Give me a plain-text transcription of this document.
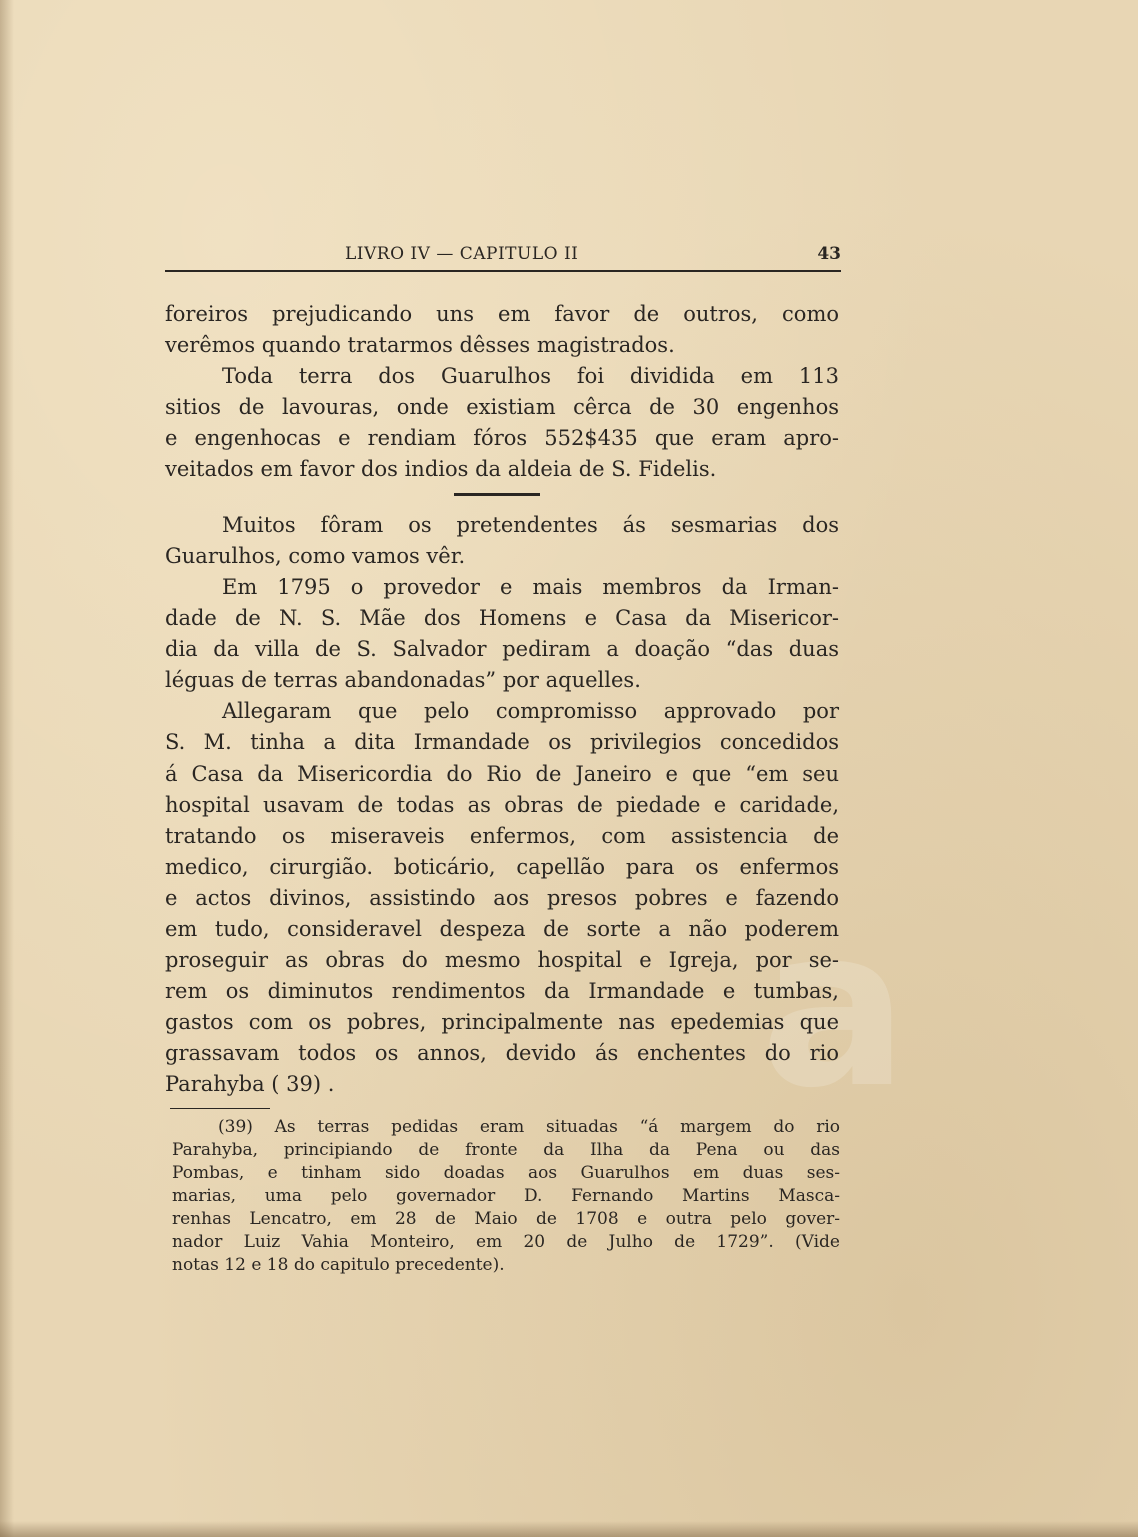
a
LIVRO IV — CAPITULO II	43
foreiros prejudicando uns em favor de outros, como
verêmos quando tratarmos dêsses magistrados.
Toda terra dos Guarulhos foi dividida em 113
sitios de lavouras, onde existiam cêrca de 30 engenhos
e engenhocas e rendiam fóros 552$435 que eram apro-
veitados em favor dos indios da aldeia de S. Fidelis.
Muitos fôram os pretendentes ás sesmarias dos
Guarulhos, como vamos vêr.
Em 1795 o provedor e mais membros da Irman-
dade de N. S. Mãe dos Homens e Casa da Misericor-
dia da villa de S. Salvador pediram a doação “das duas
léguas de terras abandonadas” por aquelles.
Allegaram que pelo compromisso approvado por
S. M. tinha a dita Irmandade os privilegios concedidos
á Casa da Misericordia do Rio de Janeiro e que “em seu
hospital usavam de todas as obras de piedade e caridade,
tratando os miseraveis enfermos, com assistencia de
medico, cirurgião. boticário, capellão para os enfermos
e actos divinos, assistindo aos presos pobres e fazendo
em tudo, consideravel despeza de sorte a não poderem
proseguir as obras do mesmo hospital e Igreja, por se-
rem os diminutos rendimentos da Irmandade e tumbas,
gastos com os pobres, principalmente nas epedemias que
grassavam todos os annos, devido ás enchentes do rio
Parahyba ( 39) .
(39) As terras pedidas eram situadas “á margem do rio
Parahyba, principiando de fronte da Ilha da Pena ou das
Pombas, e tinham sido doadas aos Guarulhos em duas ses-
marias, uma pelo governador D. Fernando Martins Masca-
renhas Lencatro, em 28 de Maio de 1708 e outra pelo gover-
nador Luiz Vahia Monteiro, em 20 de Julho de 1729”. (Vide
notas 12 e 18 do capitulo precedente).
